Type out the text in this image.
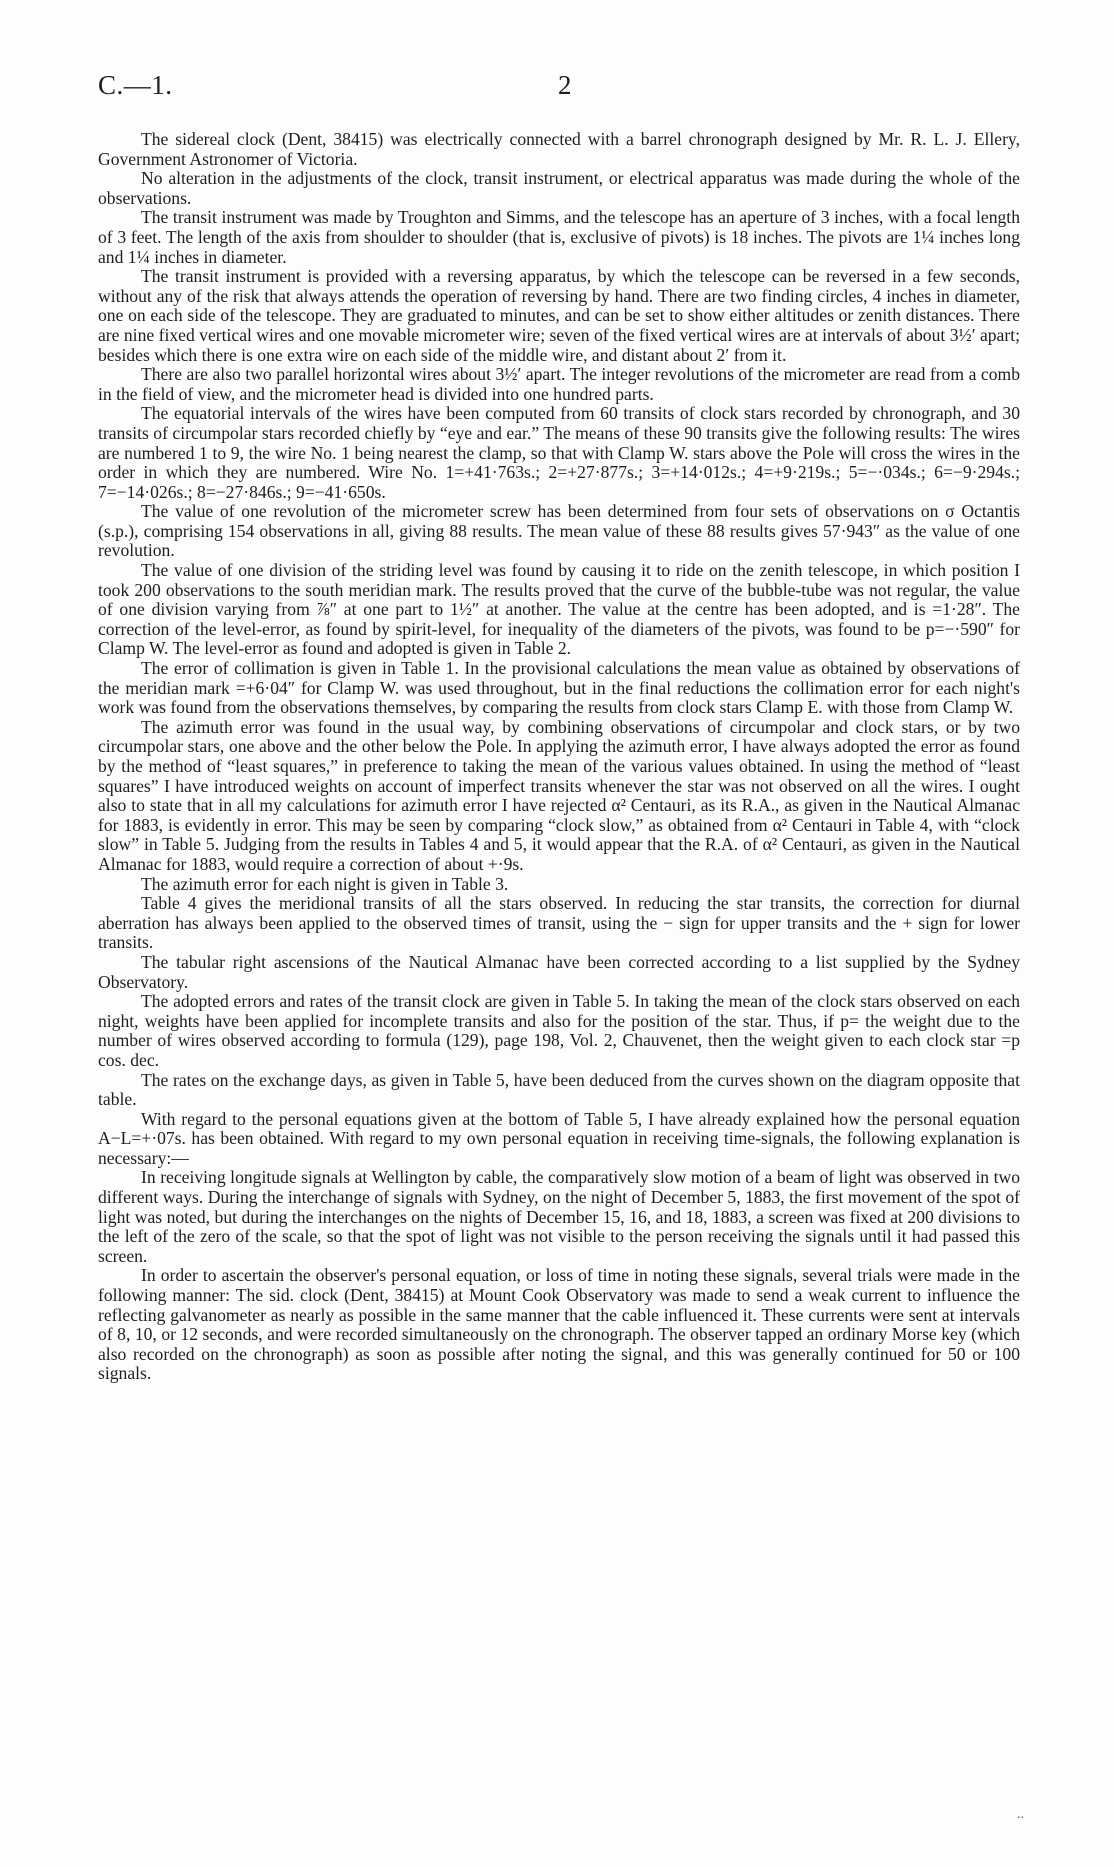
C.—1.	2

The sidereal clock (Dent, 38415) was electrically connected with a barrel chronograph designed by Mr. R. L. J. Ellery, Government Astronomer of Victoria.

No alteration in the adjustments of the clock, transit instrument, or electrical apparatus was made during the whole of the observations.

The transit instrument was made by Troughton and Simms, and the telescope has an aperture of 3 inches, with a focal length of 3 feet. The length of the axis from shoulder to shoulder (that is, exclusive of pivots) is 18 inches. The pivots are 1¼ inches long and 1¼ inches in diameter.

The transit instrument is provided with a reversing apparatus, by which the telescope can be reversed in a few seconds, without any of the risk that always attends the operation of reversing by hand. There are two finding circles, 4 inches in diameter, one on each side of the telescope. They are graduated to minutes, and can be set to show either altitudes or zenith distances. There are nine fixed vertical wires and one movable micrometer wire; seven of the fixed vertical wires are at intervals of about 3½′ apart; besides which there is one extra wire on each side of the middle wire, and distant about 2′ from it.

There are also two parallel horizontal wires about 3½′ apart. The integer revolutions of the micrometer are read from a comb in the field of view, and the micrometer head is divided into one hundred parts.

The equatorial intervals of the wires have been computed from 60 transits of clock stars recorded by chronograph, and 30 transits of circumpolar stars recorded chiefly by “eye and ear.” The means of these 90 transits give the following results: The wires are numbered 1 to 9, the wire No. 1 being nearest the clamp, so that with Clamp W. stars above the Pole will cross the wires in the order in which they are numbered. Wire No. 1=+41·763s.; 2=+27·877s.; 3=+14·012s.; 4=+9·219s.; 5=−·034s.; 6=−9·294s.; 7=−14·026s.; 8=−27·846s.; 9=−41·650s.

The value of one revolution of the micrometer screw has been determined from four sets of observations on σ Octantis (s.p.), comprising 154 observations in all, giving 88 results. The mean value of these 88 results gives 57·943″ as the value of one revolution.

The value of one division of the striding level was found by causing it to ride on the zenith telescope, in which position I took 200 observations to the south meridian mark. The results proved that the curve of the bubble-tube was not regular, the value of one division varying from ⅞″ at one part to 1½″ at another. The value at the centre has been adopted, and is =1·28″. The correction of the level-error, as found by spirit-level, for inequality of the diameters of the pivots, was found to be p=−·590″ for Clamp W. The level-error as found and adopted is given in Table 2.

The error of collimation is given in Table 1. In the provisional calculations the mean value as obtained by observations of the meridian mark =+6·04″ for Clamp W. was used throughout, but in the final reductions the collimation error for each night's work was found from the observations themselves, by comparing the results from clock stars Clamp E. with those from Clamp W.

The azimuth error was found in the usual way, by combining observations of circumpolar and clock stars, or by two circumpolar stars, one above and the other below the Pole. In applying the azimuth error, I have always adopted the error as found by the method of “least squares,” in preference to taking the mean of the various values obtained. In using the method of “least squares” I have introduced weights on account of imperfect transits whenever the star was not observed on all the wires. I ought also to state that in all my calculations for azimuth error I have rejected α² Centauri, as its R.A., as given in the Nautical Almanac for 1883, is evidently in error. This may be seen by comparing “clock slow,” as obtained from α² Centauri in Table 4, with “clock slow” in Table 5. Judging from the results in Tables 4 and 5, it would appear that the R.A. of α² Centauri, as given in the Nautical Almanac for 1883, would require a correction of about +·9s.

The azimuth error for each night is given in Table 3.

Table 4 gives the meridional transits of all the stars observed. In reducing the star transits, the correction for diurnal aberration has always been applied to the observed times of transit, using the − sign for upper transits and the + sign for lower transits.

The tabular right ascensions of the Nautical Almanac have been corrected according to a list supplied by the Sydney Observatory.

The adopted errors and rates of the transit clock are given in Table 5. In taking the mean of the clock stars observed on each night, weights have been applied for incomplete transits and also for the position of the star. Thus, if p= the weight due to the number of wires observed according to formula (129), page 198, Vol. 2, Chauvenet, then the weight given to each clock star =p cos. dec.

The rates on the exchange days, as given in Table 5, have been deduced from the curves shown on the diagram opposite that table.

With regard to the personal equations given at the bottom of Table 5, I have already explained how the personal equation A−L=+·07s. has been obtained. With regard to my own personal equation in receiving time-signals, the following explanation is necessary:—

In receiving longitude signals at Wellington by cable, the comparatively slow motion of a beam of light was observed in two different ways. During the interchange of signals with Sydney, on the night of December 5, 1883, the first movement of the spot of light was noted, but during the interchanges on the nights of December 15, 16, and 18, 1883, a screen was fixed at 200 divisions to the left of the zero of the scale, so that the spot of light was not visible to the person receiving the signals until it had passed this screen.

In order to ascertain the observer's personal equation, or loss of time in noting these signals, several trials were made in the following manner: The sid. clock (Dent, 38415) at Mount Cook Observatory was made to send a weak current to influence the reflecting galvanometer as nearly as possible in the same manner that the cable influenced it. These currents were sent at intervals of 8, 10, or 12 seconds, and were recorded simultaneously on the chronograph. The observer tapped an ordinary Morse key (which also recorded on the chronograph) as soon as possible after noting the signal, and this was generally continued for 50 or 100 signals.

..
